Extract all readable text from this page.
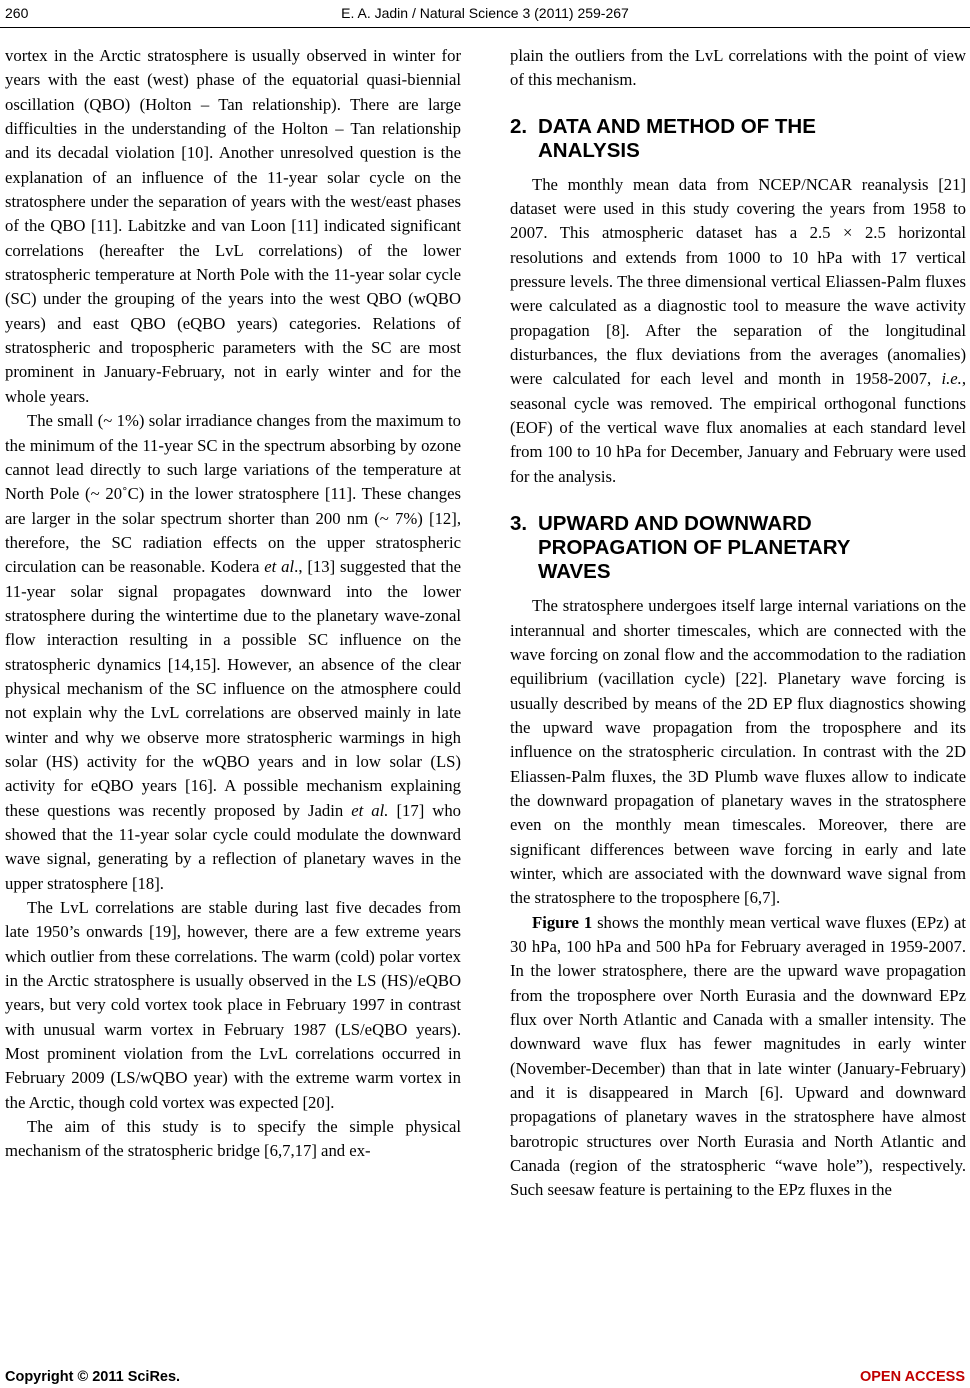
260	E. A. Jadin / Natural Science 3 (2011) 259-267

vortex in the Arctic stratosphere is usually observed in winter for years with the east (west) phase of the equatorial quasi-biennial oscillation (QBO) (Holton – Tan relationship). There are large difficulties in the understanding of the Holton – Tan relationship and its decadal violation [10]. Another unresolved question is the explanation of an influence of the 11-year solar cycle on the stratosphere under the separation of years with the west/east phases of the QBO [11]. Labitzke and van Loon [11] indicated significant correlations (hereafter the LvL correlations) of the lower stratospheric temperature at North Pole with the 11-year solar cycle (SC) under the grouping of the years into the west QBO (wQBO years) and east QBO (eQBO years) categories. Relations of stratospheric and tropospheric parameters with the SC are most prominent in January-February, not in early winter and for the whole years.

The small (~ 1%) solar irradiance changes from the maximum to the minimum of the 11-year SC in the spectrum absorbing by ozone cannot lead directly to such large variations of the temperature at North Pole (~ 20˚C) in the lower stratosphere [11]. These changes are larger in the solar spectrum shorter than 200 nm (~ 7%) [12], therefore, the SC radiation effects on the upper stratospheric circulation can be reasonable. Kodera et al., [13] suggested that the 11-year solar signal propagates downward into the lower stratosphere during the wintertime due to the planetary wave-zonal flow interaction resulting in a possible SC influence on the stratospheric dynamics [14,15]. However, an absence of the clear physical mechanism of the SC influence on the atmosphere could not explain why the LvL correlations are observed mainly in late winter and why we observe more stratospheric warmings in high solar (HS) activity for the wQBO years and in low solar (LS) activity for eQBO years [16]. A possible mechanism explaining these questions was recently proposed by Jadin et al. [17] who showed that the 11-year solar cycle could modulate the downward wave signal, generating by a reflection of planetary waves in the upper stratosphere [18].

The LvL correlations are stable during last five decades from late 1950’s onwards [19], however, there are a few extreme years which outlier from these correlations. The warm (cold) polar vortex in the Arctic stratosphere is usually observed in the LS (HS)/eQBO years, but very cold vortex took place in February 1997 in contrast with unusual warm vortex in February 1987 (LS/eQBO years). Most prominent violation from the LvL correlations occurred in February 2009 (LS/wQBO year) with the extreme warm vortex in the Arctic, though cold vortex was expected [20].

The aim of this study is to specify the simple physical mechanism of the stratospheric bridge [6,7,17] and ex-

plain the outliers from the LvL correlations with the point of view of this mechanism.

2. DATA AND METHOD OF THE
ANALYSIS

The monthly mean data from NCEP/NCAR reanalysis [21] dataset were used in this study covering the years from 1958 to 2007. This atmospheric dataset has a 2.5 × 2.5 horizontal resolutions and extends from 1000 to 10 hPa with 17 vertical pressure levels. The three dimensional vertical Eliassen-Palm fluxes were calculated as a diagnostic tool to measure the wave activity propagation [8]. After the separation of the longitudinal disturbances, the flux deviations from the averages (anomalies) were calculated for each level and month in 1958-2007, i.e., seasonal cycle was removed. The empirical orthogonal functions (EOF) of the vertical wave flux anomalies at each standard level from 100 to 10 hPa for December, January and February were used for the analysis.

3. UPWARD AND DOWNWARD
PROPAGATION OF PLANETARY
WAVES

The stratosphere undergoes itself large internal variations on the interannual and shorter timescales, which are connected with the wave forcing on zonal flow and the accommodation to the radiation equilibrium (vacillation cycle) [22]. Planetary wave forcing is usually described by means of the 2D EP flux diagnostics showing the upward wave propagation from the troposphere and its influence on the stratospheric circulation. In contrast with the 2D Eliassen-Palm fluxes, the 3D Plumb wave fluxes allow to indicate the downward propagation of planetary waves in the stratosphere even on the monthly mean timescales. Moreover, there are significant differences between wave forcing in early and late winter, which are associated with the downward wave signal from the stratosphere to the troposphere [6,7].

Figure 1 shows the monthly mean vertical wave fluxes (EPz) at 30 hPa, 100 hPa and 500 hPa for February averaged in 1959-2007. In the lower stratosphere, there are the upward wave propagation from the troposphere over North Eurasia and the downward EPz flux over North Atlantic and Canada with a smaller intensity. The downward wave flux has fewer magnitudes in early winter (November-December) than that in late winter (January-February) and it is disappeared in March [6]. Upward and downward propagations of planetary waves in the stratosphere have almost barotropic structures over North Eurasia and North Atlantic and Canada (region of the stratospheric “wave hole”), respectively. Such seesaw feature is pertaining to the EPz fluxes in the

Copyright © 2011 SciRes.	OPEN ACCESS
